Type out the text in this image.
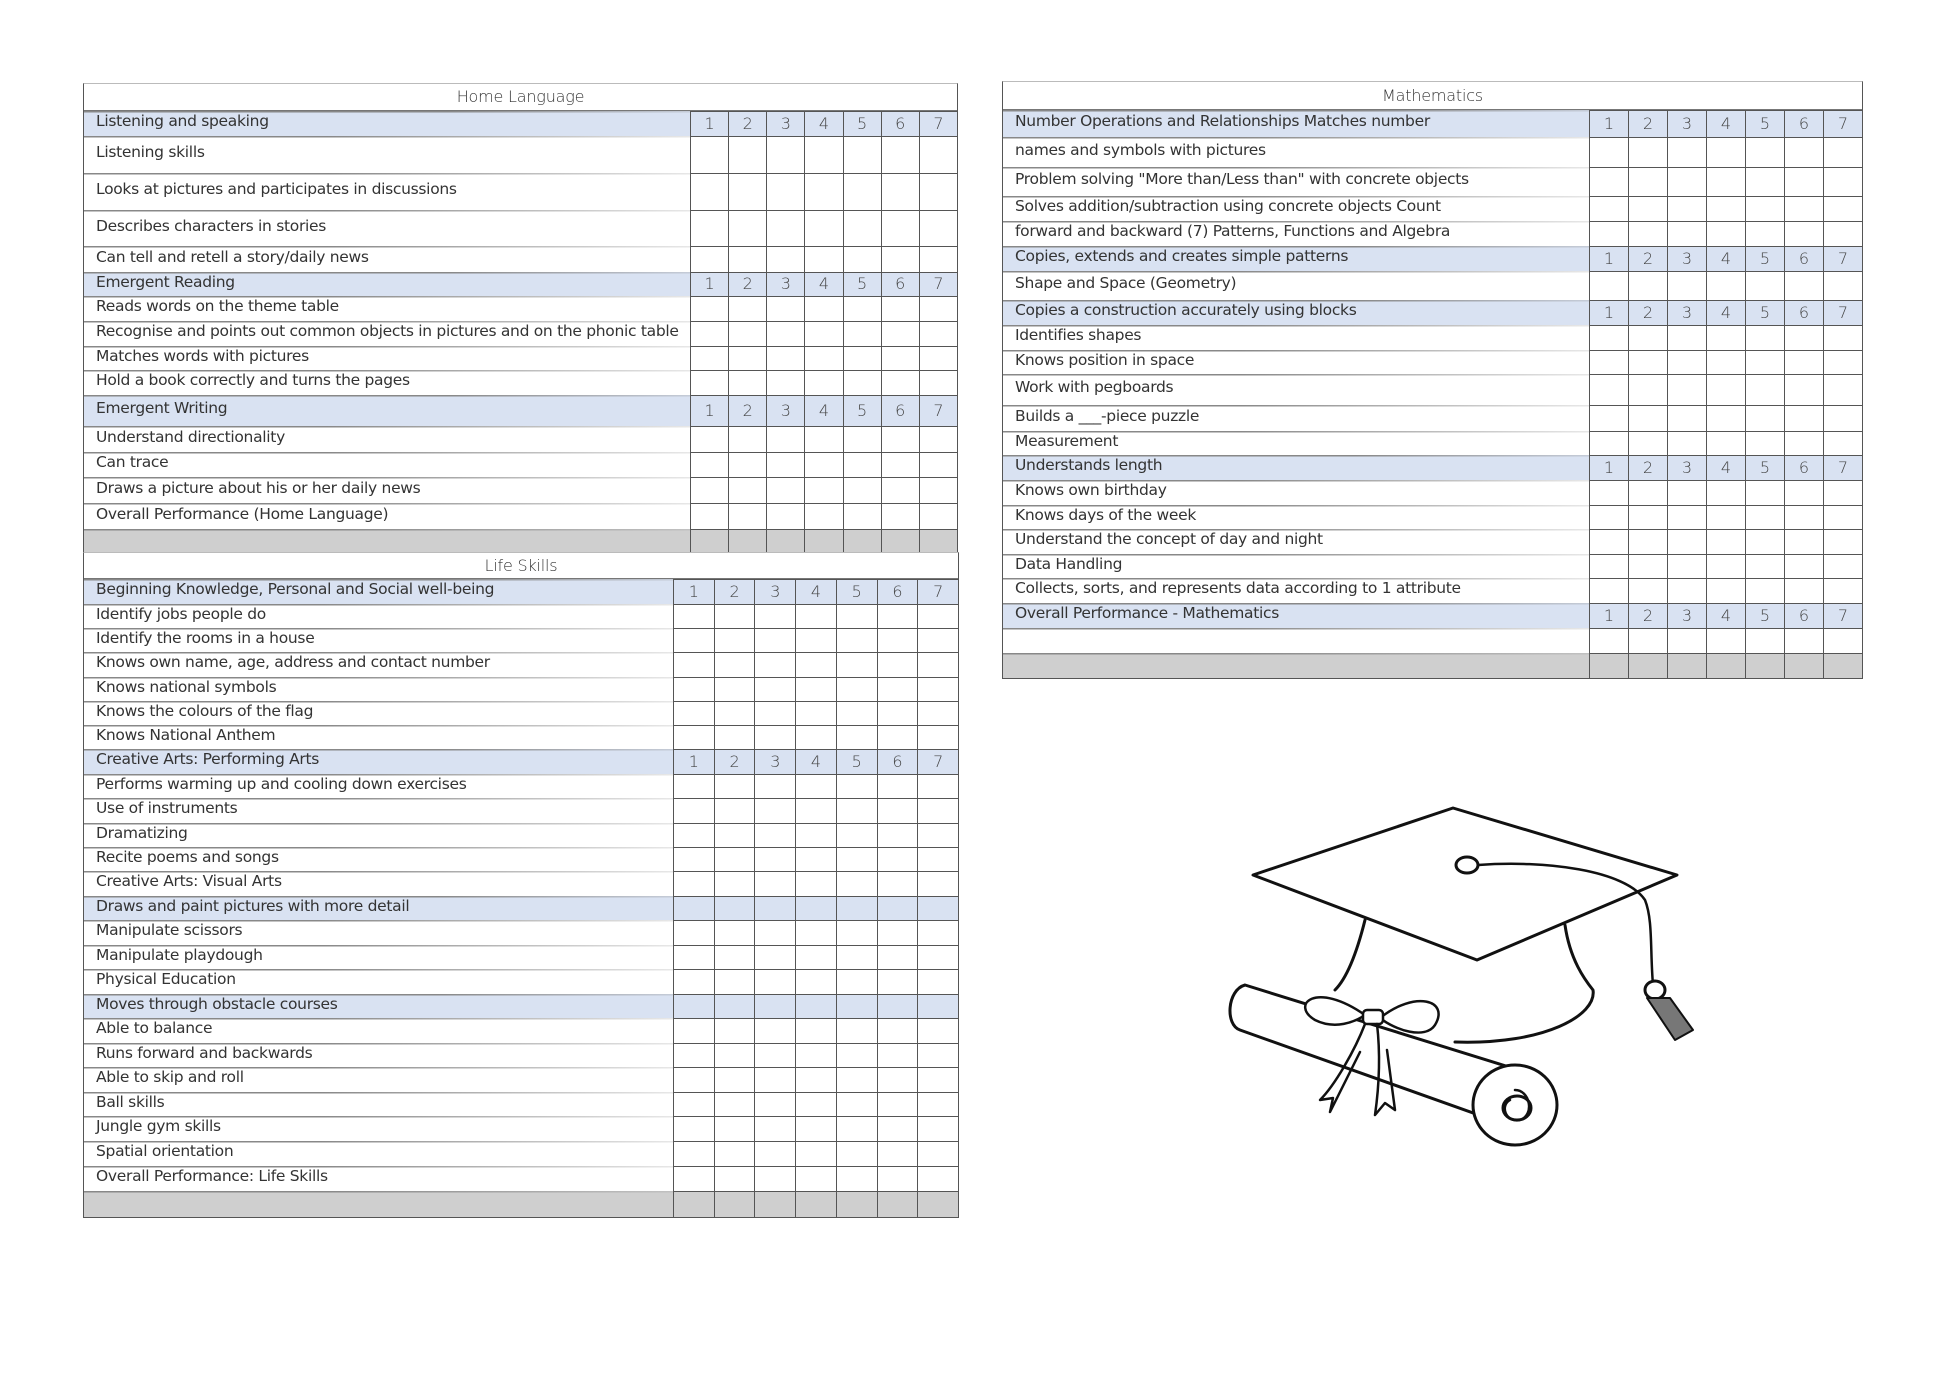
Home Language
Listening and speaking	1	2	3	4	5	6	7
Listening skills
Looks at pictures and participates in discussions
Describes characters in stories
Can tell and retell a story/daily news
Emergent Reading	1	2	3	4	5	6	7
Reads words on the theme table
Recognise and points out common objects in pictures and on the phonic table
Matches words with pictures
Hold a book correctly and turns the pages
Emergent Writing	1	2	3	4	5	6	7
Understand directionality
Can trace
Draws a picture about his or her daily news
Overall Performance (Home Language)
Life Skills
Beginning Knowledge, Personal and Social well-being	1	2	3	4	5	6	7
Identify jobs people do
Identify the rooms in a house
Knows own name, age, address and contact number
Knows national symbols
Knows the colours of the flag
Knows National Anthem
Creative Arts: Performing Arts	1	2	3	4	5	6	7
Performs warming up and cooling down exercises
Use of instruments
Dramatizing
Recite poems and songs
Creative Arts: Visual Arts
Draws and paint pictures with more detail
Manipulate scissors
Manipulate playdough
Physical Education
Moves through obstacle courses
Able to balance
Runs forward and backwards
Able to skip and roll
Ball skills
Jungle gym skills
Spatial orientation
Overall Performance: Life Skills
Mathematics
Number Operations and Relationships Matches number	1	2	3	4	5	6	7
names and symbols with pictures
Problem solving "More than/Less than" with concrete objects
Solves addition/subtraction using concrete objects Count
forward and backward (7) Patterns, Functions and Algebra
Copies, extends and creates simple patterns	1	2	3	4	5	6	7
Shape and Space (Geometry)
Copies a construction accurately using blocks	1	2	3	4	5	6	7
Identifies shapes
Knows position in space
Work with pegboards
Builds a ___-piece puzzle
Measurement
Understands length	1	2	3	4	5	6	7
Knows own birthday
Knows days of the week
Understand the concept of day and night
Data Handling
Collects, sorts, and represents data according to 1 attribute
Overall Performance - Mathematics	1	2	3	4	5	6	7
